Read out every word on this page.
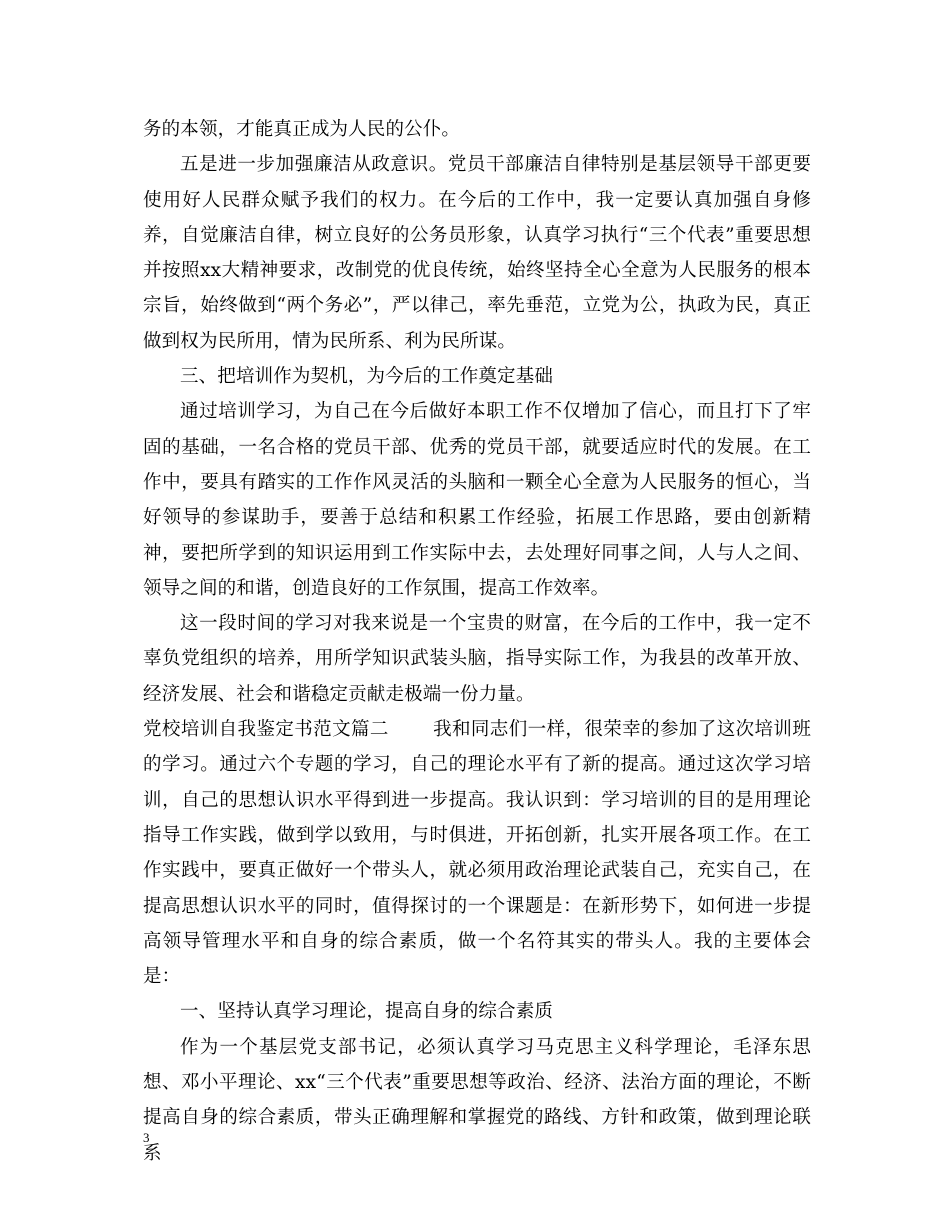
务的本领，才能真正成为人民的公仆。

五是进一步加强廉洁从政意识。党员干部廉洁自律特别是基层领导干部更要使用好人民群众赋予我们的权力。在今后的工作中，我一定要认真加强自身修养，自觉廉洁自律，树立良好的公务员形象，认真学习执行“三个代表”重要思想并按照xx大精神要求，改制党的优良传统，始终坚持全心全意为人民服务的根本宗旨，始终做到“两个务必”，严以律己，率先垂范，立党为公，执政为民，真正做到权为民所用，情为民所系、利为民所谋。

三、把培训作为契机，为今后的工作奠定基础

通过培训学习，为自己在今后做好本职工作不仅增加了信心，而且打下了牢固的基础，一名合格的党员干部、优秀的党员干部，就要适应时代的发展。在工作中，要具有踏实的工作作风灵活的头脑和一颗全心全意为人民服务的恒心，当好领导的参谋助手，要善于总结和积累工作经验，拓展工作思路，要由创新精神，要把所学到的知识运用到工作实际中去，去处理好同事之间，人与人之间、领导之间的和谐，创造良好的工作氛围，提高工作效率。

这一段时间的学习对我来说是一个宝贵的财富，在今后的工作中，我一定不辜负党组织的培养，用所学知识武装头脑，指导实际工作，为我县的改革开放、经济发展、社会和谐稳定贡献走极端一份力量。

党校培训自我鉴定书范文篇二 我和同志们一样，很荣幸的参加了这次培训班的学习。通过六个专题的学习，自己的理论水平有了新的提高。通过这次学习培训，自己的思想认识水平得到进一步提高。我认识到：学习培训的目的是用理论指导工作实践，做到学以致用，与时俱进，开拓创新，扎实开展各项工作。在工作实践中，要真正做好一个带头人，就必须用政治理论武装自己，充实自己，在提高思想认识水平的同时，值得探讨的一个课题是：在新形势下，如何进一步提高领导管理水平和自身的综合素质，做一个名符其实的带头人。我的主要体会是：

一、坚持认真学习理论，提高自身的综合素质

作为一个基层党支部书记，必须认真学习马克思主义科学理论，毛泽东思想、邓小平理论、xx“三个代表”重要思想等政治、经济、法治方面的理论，不断提高自身的综合素质，带头正确理解和掌握党的路线、方针和政策，做到理论联系

3
